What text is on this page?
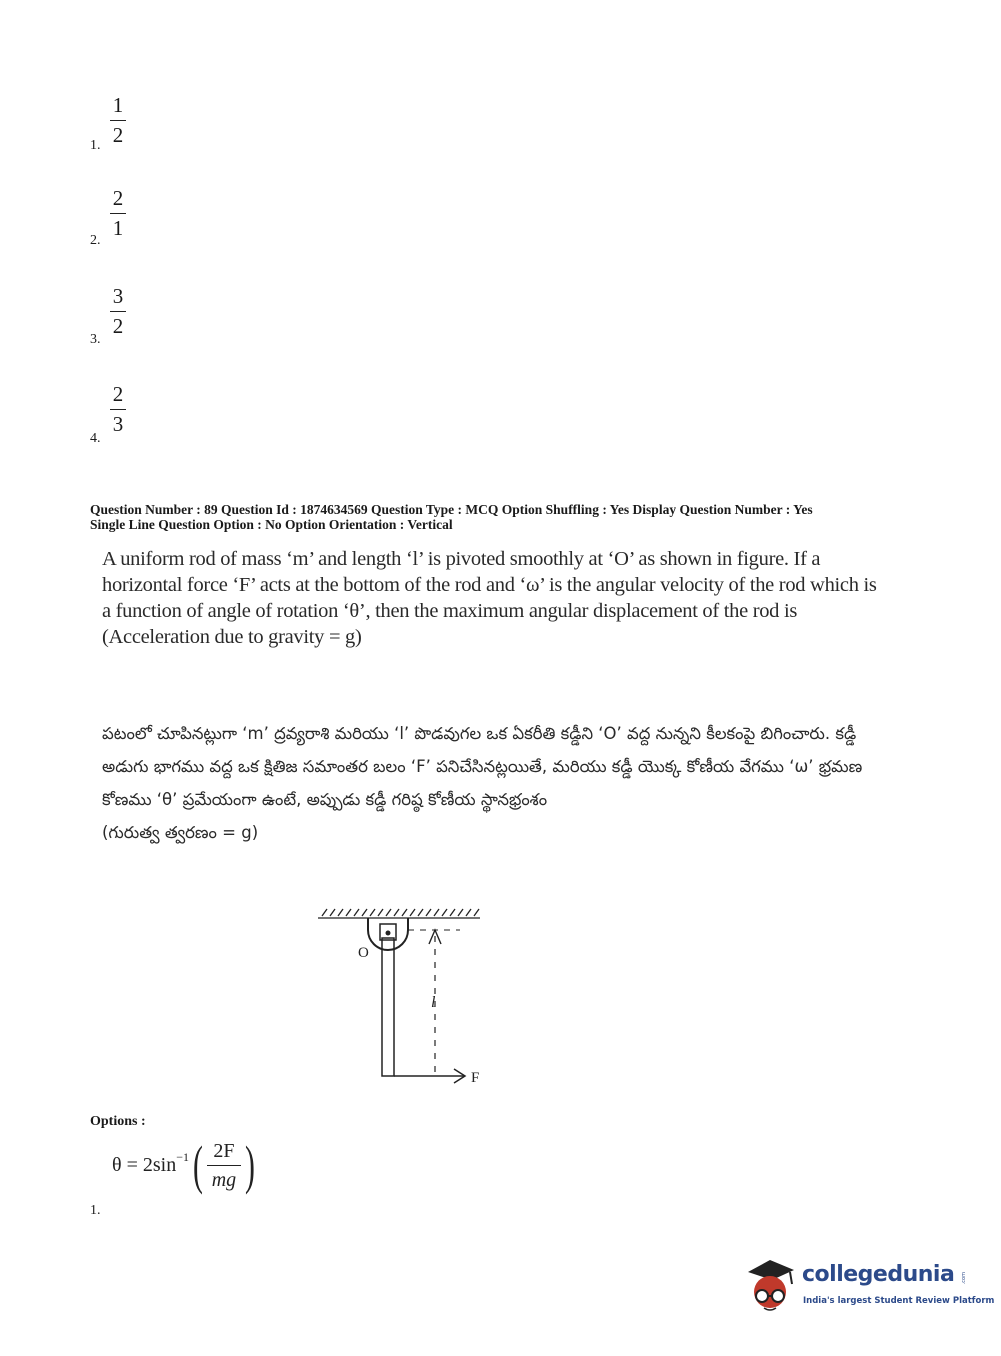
1
2
1.
2
1
2.
3
2
3.
2
3
4.
Question Number : 89 Question Id : 1874634569 Question Type : MCQ Option Shuffling : Yes Display Question Number : Yes
Single Line Question Option : No Option Orientation : Vertical

A uniform rod of mass ‘m’ and length ‘l’ is pivoted smoothly at ‘O’ as shown in figure. If a horizontal force ‘F’ acts at the bottom of the rod and ‘ω’ is the angular velocity of the rod which is a function of angle of rotation ‘θ’, then the maximum angular displacement of the rod is

(Acceleration due to gravity = g)

పటంలో చూపినట్లుగా ‘m’ ద్రవ్యరాశి మరియు ‘l’ పొడవుగల ఒక ఏకరీతి కడ్డీని ‘O’ వద్ద నున్నని కీలకంపై బిగించారు. కడ్డీ అడుగు భాగము వద్ద ఒక క్షితిజ సమాంతర బలం ‘F’ పనిచేసినట్లయితే, మరియు కడ్డీ యొక్క కోణీయ వేగము ‘ω’ భ్రమణ కోణము ‘θ’ ప్రమేయంగా ఉంటే, అప్పుడు కడ్డీ గరిష్ఠ కోణీయ స్థానభ్రంశం

(గురుత్వ త్వరణం = g)

O
l
F
Options :
$\theta = 2\sin^{-1}$ ( 2F
mg )
1.
collegedunia .com
India's largest Student Review Platform
